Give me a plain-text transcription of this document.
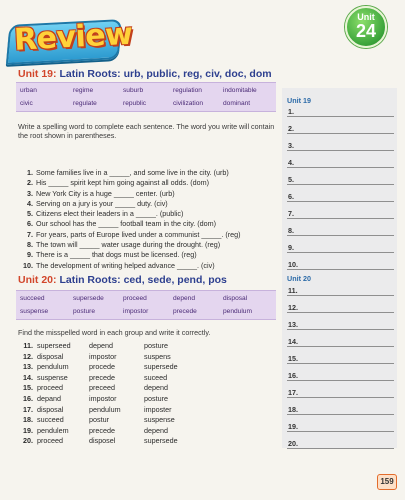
Review	Unit
24
Unit 19: Latin Roots: urb, public, reg, civ, doc, dom
urban	regime	suburb	regulation	indomitable
civic	regulate	republic	civilization	dominant
Write a spelling word to complete each sentence. The word you write will contain the root shown in parentheses.
1. Some families live in a _____, and some live in the city. (urb)
2. His _____ spirit kept him going against all odds. (dom)
3. New York City is a huge _____ center. (urb)
4. Serving on a jury is your _____ duty. (civ)
5. Citizens elect their leaders in a _____. (public)
6. Our school has the _____ football team in the city. (dom)
7. For years, parts of Europe lived under a communist _____. (reg)
8. The town will _____ water usage during the drought. (reg)
9. There is a _____ that dogs must be licensed. (reg)
10. The development of writing helped advance _____. (civ)
Unit 20: Latin Roots: ced, sede, pend, pos
succeed	supersede	proceed	depend	disposal
suspense	posture	impostor	precede	pendulum
Find the misspelled word in each group and write it correctly.
11. superseed	depend	posture
12. disposal	impostor	suspens
13. pendulum	procede	supersede
14. suspense	precede	suceed
15. proceed	preceed	depend
16. depand	impostor	posture
17. disposal	pendulum	imposter
18. succeed	postur	suspense
19. pendulem	precede	depend
20. proceed	disposel	supersede
Unit 19
1.
2.
3.
4.
5.
6.
7.
8.
9.
10.
Unit 20
11.
12.
13.
14.
15.
16.
17.
18.
19.
20.
159
